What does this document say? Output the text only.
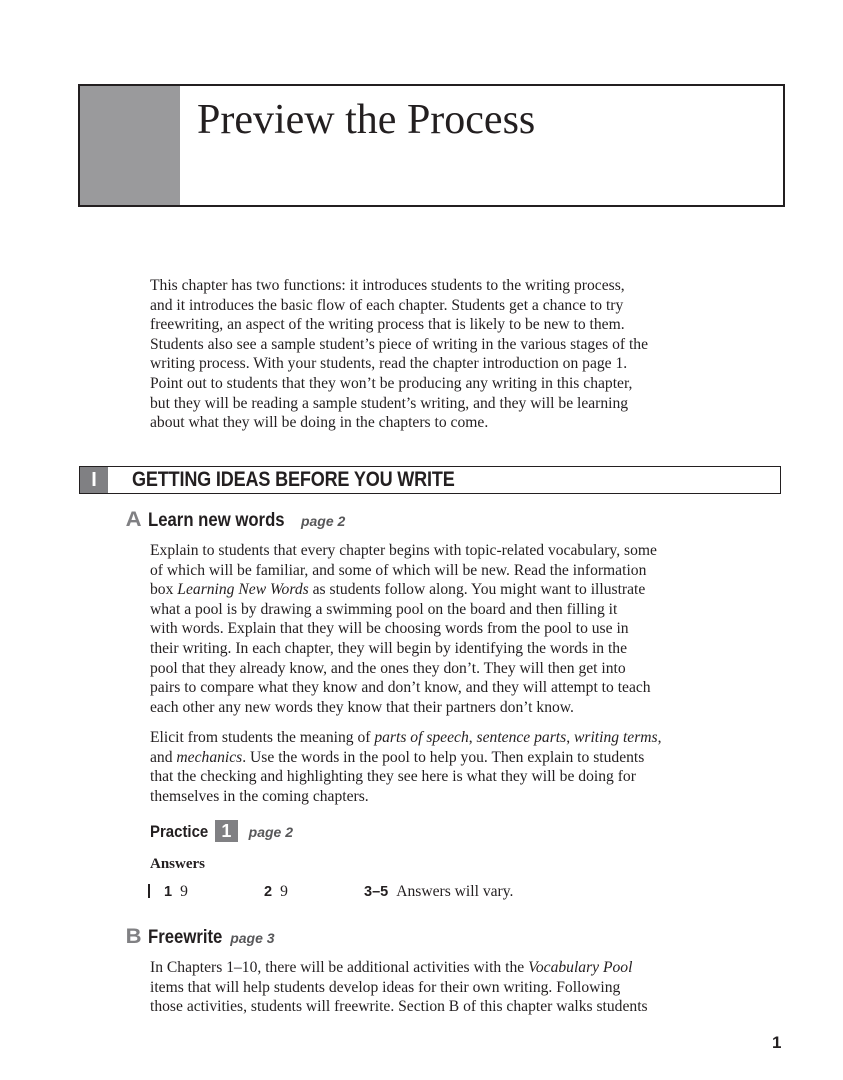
Preview the Process

This chapter has two functions: it introduces students to the writing process,
and it introduces the basic flow of each chapter. Students get a chance to try
freewriting, an aspect of the writing process that is likely to be new to them.
Students also see a sample student’s piece of writing in the various stages of the
writing process. With your students, read the chapter introduction on page 1.
Point out to students that they won’t be producing any writing in this chapter,
but they will be reading a sample student’s writing, and they will be learning
about what they will be doing in the chapters to come.

I	GETTING IDEAS BEFORE YOU WRITE
A Learn new words page 2

Explain to students that every chapter begins with topic-related vocabulary, some
of which will be familiar, and some of which will be new. Read the information
box Learning New Words as students follow along. You might want to illustrate
what a pool is by drawing a swimming pool on the board and then filling it
with words. Explain that they will be choosing words from the pool to use in
their writing. In each chapter, they will begin by identifying the words in the
pool that they already know, and the ones they don’t. They will then get into
pairs to compare what they know and don’t know, and they will attempt to teach
each other any new words they know that their partners don’t know.

Elicit from students the meaning of parts of speech, sentence parts, writing terms,
and mechanics. Use the words in the pool to help you. Then explain to students
that the checking and highlighting they see here is what they will be doing for
themselves in the coming chapters.

Practice 1 page 2
Answers
1 9	2 9	3–5 Answers will vary.
B Freewrite page 3

In Chapters 1–10, there will be additional activities with the Vocabulary Pool
items that will help students develop ideas for their own writing. Following
those activities, students will freewrite. Section B of this chapter walks students

1
